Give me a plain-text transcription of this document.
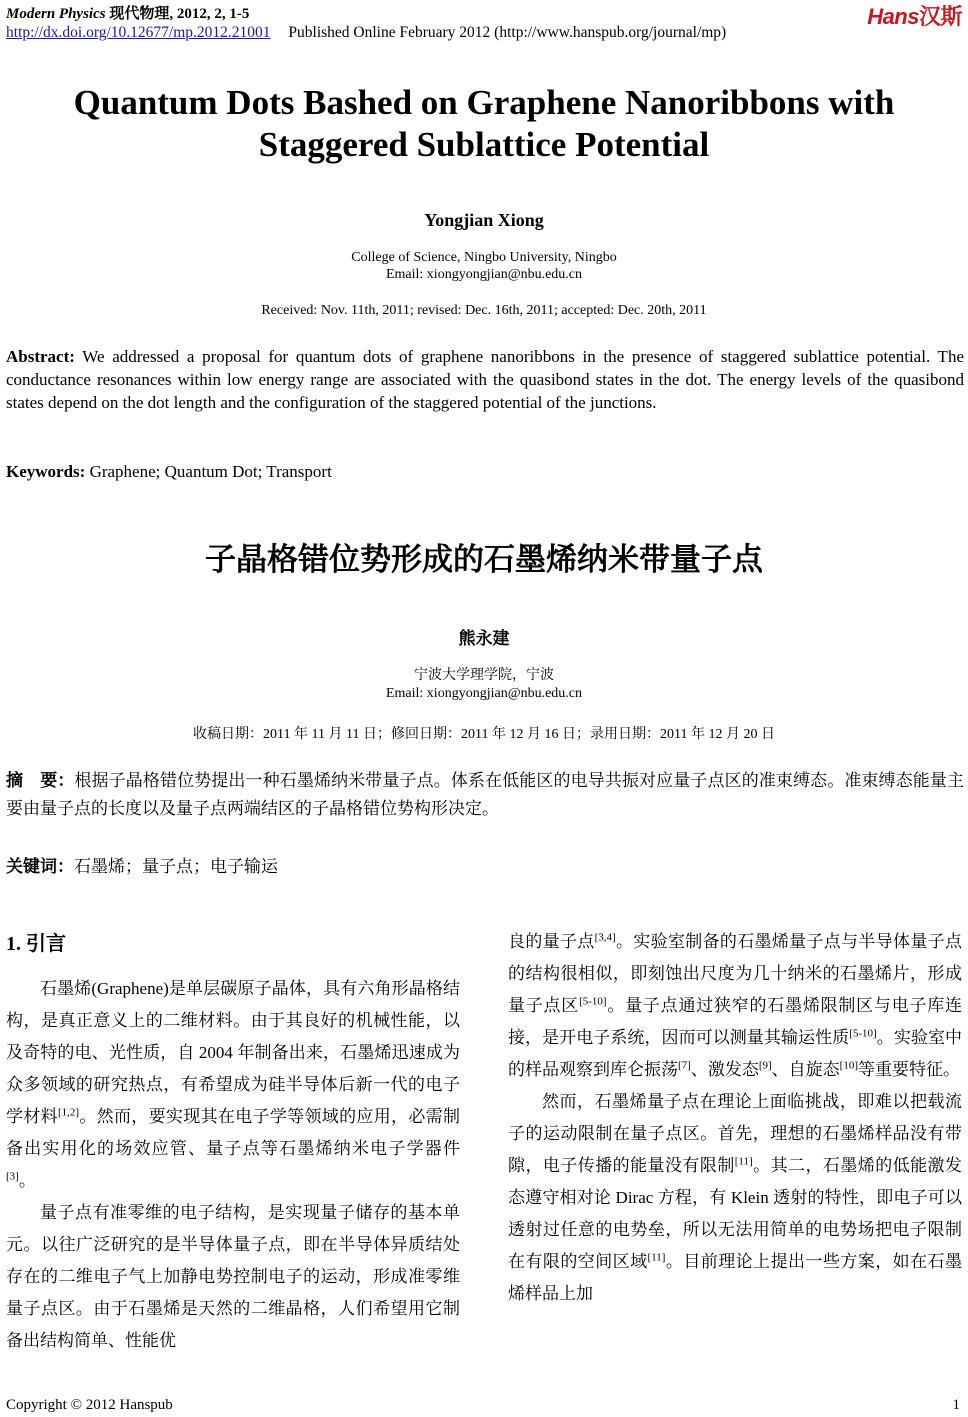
Modern Physics 现代物理, 2012, 2, 1-5
http://dx.doi.org/10.12677/mp.2012.21001 Published Online February 2012 (http://www.hanspub.org/journal/mp)
Hans汉斯
Quantum Dots Bashed on Graphene Nanoribbons with Staggered Sublattice Potential
Yongjian Xiong
College of Science, Ningbo University, Ningbo
Email: xiongyongjian@nbu.edu.cn
Received: Nov. 11th, 2011; revised: Dec. 16th, 2011; accepted: Dec. 20th, 2011
Abstract: We addressed a proposal for quantum dots of graphene nanoribbons in the presence of staggered sublattice potential. The conductance resonances within low energy range are associated with the quasibond states in the dot. The energy levels of the quasibond states depend on the dot length and the configuration of the staggered potential of the junctions.
Keywords: Graphene; Quantum Dot; Transport
子晶格错位势形成的石墨烯纳米带量子点
熊永建
宁波大学理学院，宁波
Email: xiongyongjian@nbu.edu.cn
收稿日期：2011 年 11 月 11 日；修回日期：2011 年 12 月 16 日；录用日期：2011 年 12 月 20 日
摘　要：根据子晶格错位势提出一种石墨烯纳米带量子点。体系在低能区的电导共振对应量子点区的准束缚态。准束缚态能量主要由量子点的长度以及量子点两端结区的子晶格错位势构形决定。
关键词：石墨烯；量子点；电子输运
1. 引言

石墨烯(Graphene)是单层碳原子晶体，具有六角形晶格结构，是真正意义上的二维材料。由于其良好的机械性能，以及奇特的电、光性质，自 2004 年制备出来，石墨烯迅速成为众多领域的研究热点，有希望成为硅半导体后新一代的电子学材料[1,2]。然而，要实现其在电子学等领域的应用，必需制备出实用化的场效应管、量子点等石墨烯纳米电子学器件[3]。

量子点有准零维的电子结构，是实现量子储存的基本单元。以往广泛研究的是半导体量子点，即在半导体异质结处存在的二维电子气上加静电势控制电子的运动，形成准零维量子点区。由于石墨烯是天然的二维晶格，人们希望用它制备出结构简单、性能优

良的量子点[3,4]。实验室制备的石墨烯量子点与半导体量子点的结构很相似，即刻蚀出尺度为几十纳米的石墨烯片，形成量子点区[5-10]。量子点通过狭窄的石墨烯限制区与电子库连接，是开电子系统，因而可以测量其输运性质[5-10]。实验室中的样品观察到库仑振荡[7]、激发态[9]、自旋态[10]等重要特征。

然而，石墨烯量子点在理论上面临挑战，即难以把载流子的运动限制在量子点区。首先，理想的石墨烯样品没有带隙，电子传播的能量没有限制[11]。其二，石墨烯的低能激发态遵守相对论 Dirac 方程，有 Klein 透射的特性，即电子可以透射过任意的电势垒，所以无法用简单的电势场把电子限制在有限的空间区域[11]。目前理论上提出一些方案，如在石墨烯样品上加

Copyright © 2012 Hanspub	1
